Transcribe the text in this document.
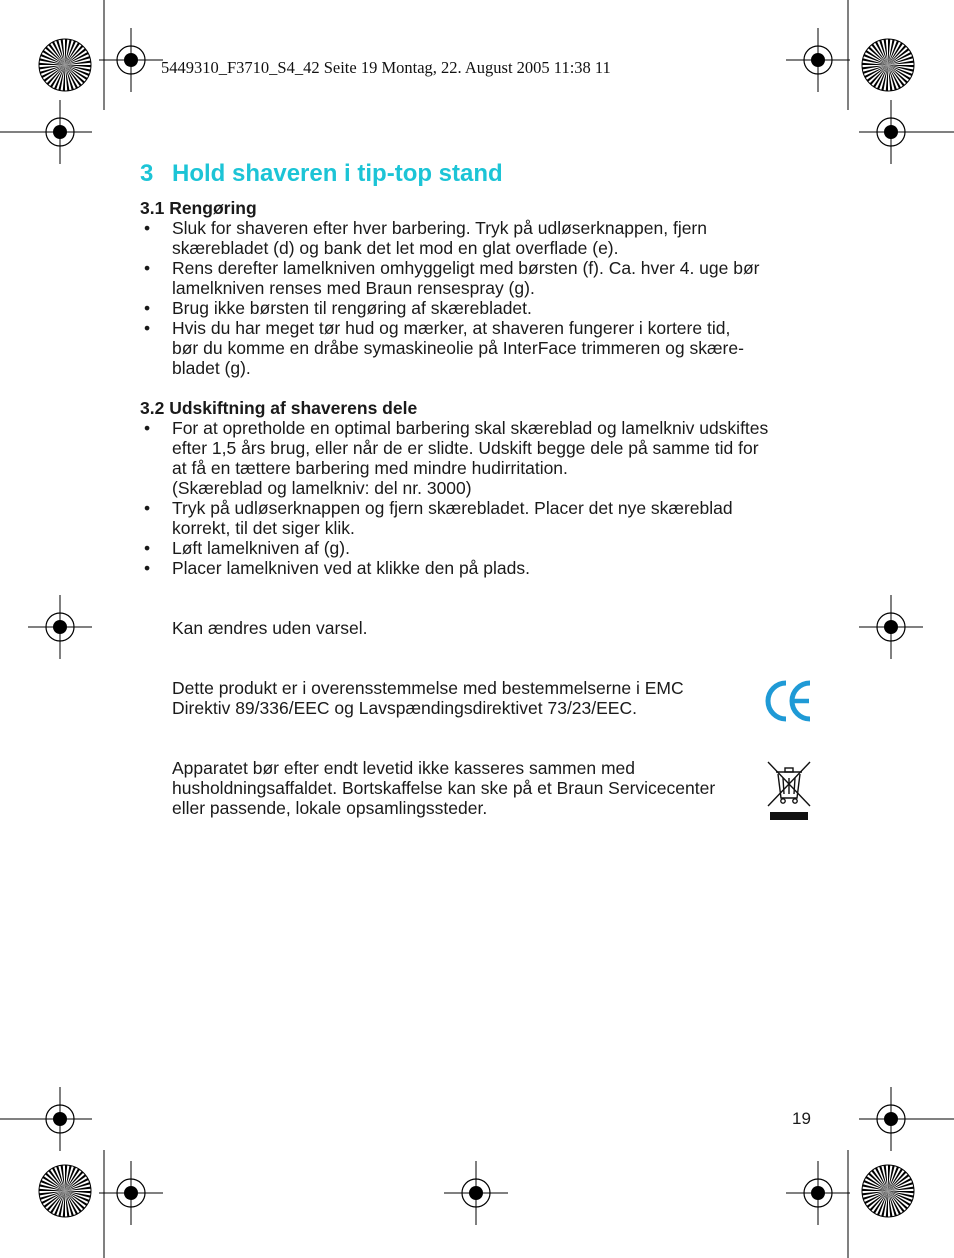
5449310_F3710_S4_42 Seite 19 Montag, 22. August 2005 11:38 11
3 Hold shaveren i tip-top stand

3.1 Rengøring

• Sluk for shaveren efter hver barbering. Tryk på udløserknappen, fjern
skærebladet (d) og bank det let mod en glat overflade (e).
• Rens derefter lamelkniven omhyggeligt med børsten (f). Ca. hver 4. uge bør
lamelkniven renses med Braun rensespray (g).
• Brug ikke børsten til rengøring af skærebladet.
• Hvis du har meget tør hud og mærker, at shaveren fungerer i kortere tid,
bør du komme en dråbe symaskineolie på InterFace trimmeren og skære-
bladet (g).

3.2 Udskiftning af shaverens dele

• For at opretholde en optimal barbering skal skæreblad og lamelkniv udskiftes
efter 1,5 års brug, eller når de er slidte. Udskift begge dele på samme tid for
at få en tættere barbering med mindre hudirritation.
(Skæreblad og lamelkniv: del nr. 3000)
• Tryk på udløserknappen og fjern skærebladet. Placer det nye skæreblad
korrekt, til det siger klik.
• Løft lamelkniven af (g).
• Placer lamelkniven ved at klikke den på plads.

Kan ændres uden varsel.

Dette produkt er i overensstemmelse med bestemmelserne i EMC
Direktiv 89/336/EEC og Lavspændingsdirektivet 73/23/EEC.

Apparatet bør efter endt levetid ikke kasseres sammen med
husholdningsaffaldet. Bortskaffelse kan ske på et Braun Servicecenter
eller passende, lokale opsamlingssteder.

19
